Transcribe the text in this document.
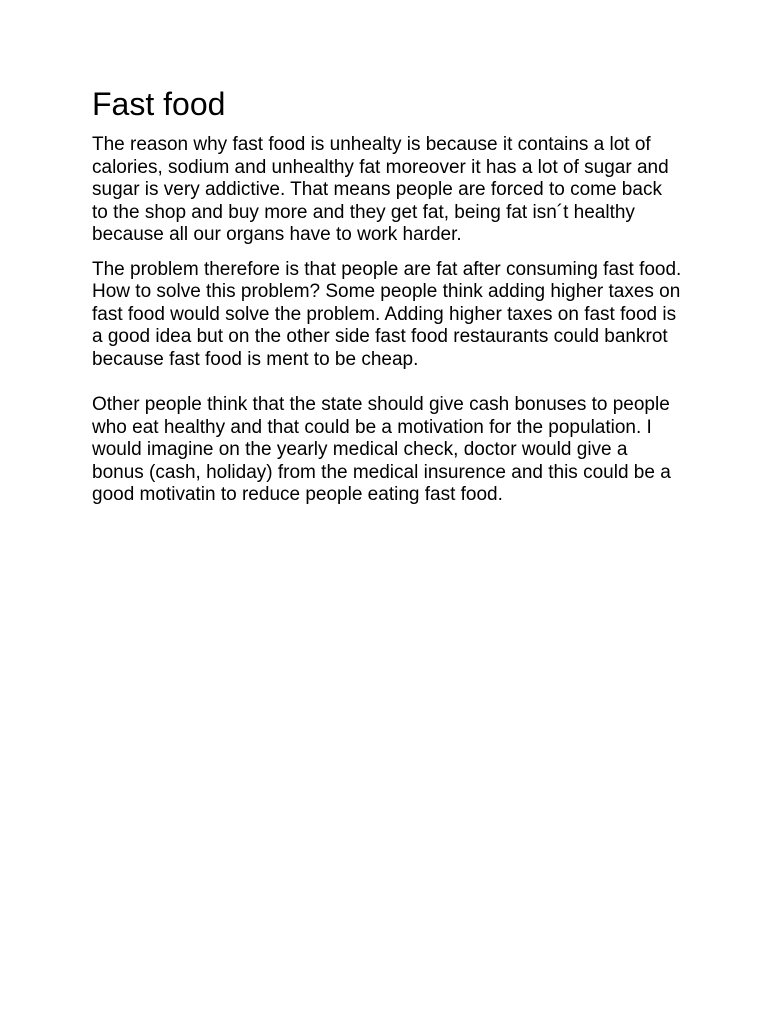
Fast food

The reason why fast food is unhealty is because it contains a lot of calories, sodium and unhealthy fat moreover it has a lot of sugar and sugar is very addictive. That means people are forced to come back to the shop and buy more and they get fat, being fat isn´t healthy because all our organs have to work harder.

The problem therefore is that people are fat after consuming fast food. How to solve this problem? Some people think adding higher taxes on fast food would solve the problem. Adding higher taxes on fast food is a good idea but on the other side fast food restaurants could bankrot because fast food is ment to be cheap.

Other people think that the state should give cash bonuses to people who eat healthy and that could be a motivation for the population. I would imagine on the yearly medical check, doctor would give a bonus (cash, holiday) from the medical insurence and this could be a good motivatin to reduce people eating fast food.
